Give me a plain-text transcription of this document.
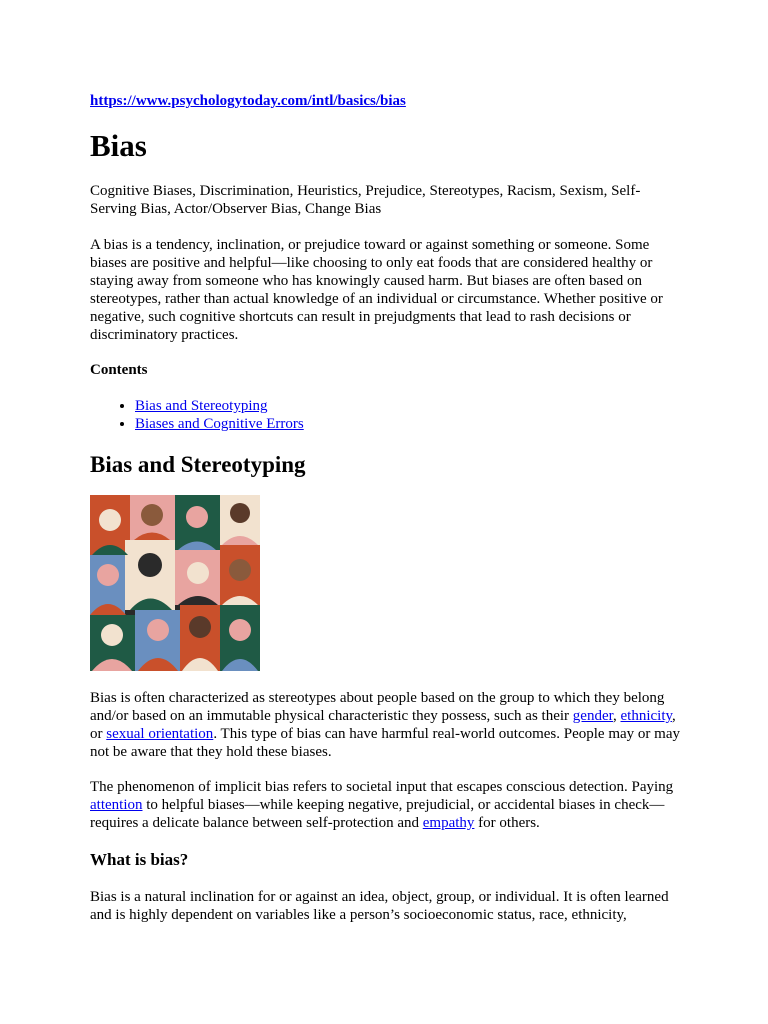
https://www.psychologytoday.com/intl/basics/bias
Bias

Cognitive Biases, Discrimination, Heuristics, Prejudice, Stereotypes, Racism, Sexism, Self-Serving Bias, Actor/Observer Bias, Change Bias

A bias is a tendency, inclination, or prejudice toward or against something or someone. Some biases are positive and helpful—like choosing to only eat foods that are considered healthy or staying away from someone who has knowingly caused harm. But biases are often based on stereotypes, rather than actual knowledge of an individual or circumstance. Whether positive or negative, such cognitive shortcuts can result in prejudgments that lead to rash decisions or discriminatory practices.

Contents

• Bias and Stereotyping
• Biases and Cognitive Errors
Bias and Stereotyping

Bias is often characterized as stereotypes about people based on the group to which they belong and/or based on an immutable physical characteristic they possess, such as their gender, ethnicity, or sexual orientation. This type of bias can have harmful real-world outcomes. People may or may not be aware that they hold these biases.

The phenomenon of implicit bias refers to societal input that escapes conscious detection. Paying attention to helpful biases—while keeping negative, prejudicial, or accidental biases in check—requires a delicate balance between self-protection and empathy for others.

What is bias?

Bias is a natural inclination for or against an idea, object, group, or individual. It is often learned and is highly dependent on variables like a person’s socioeconomic status, race, ethnicity,
